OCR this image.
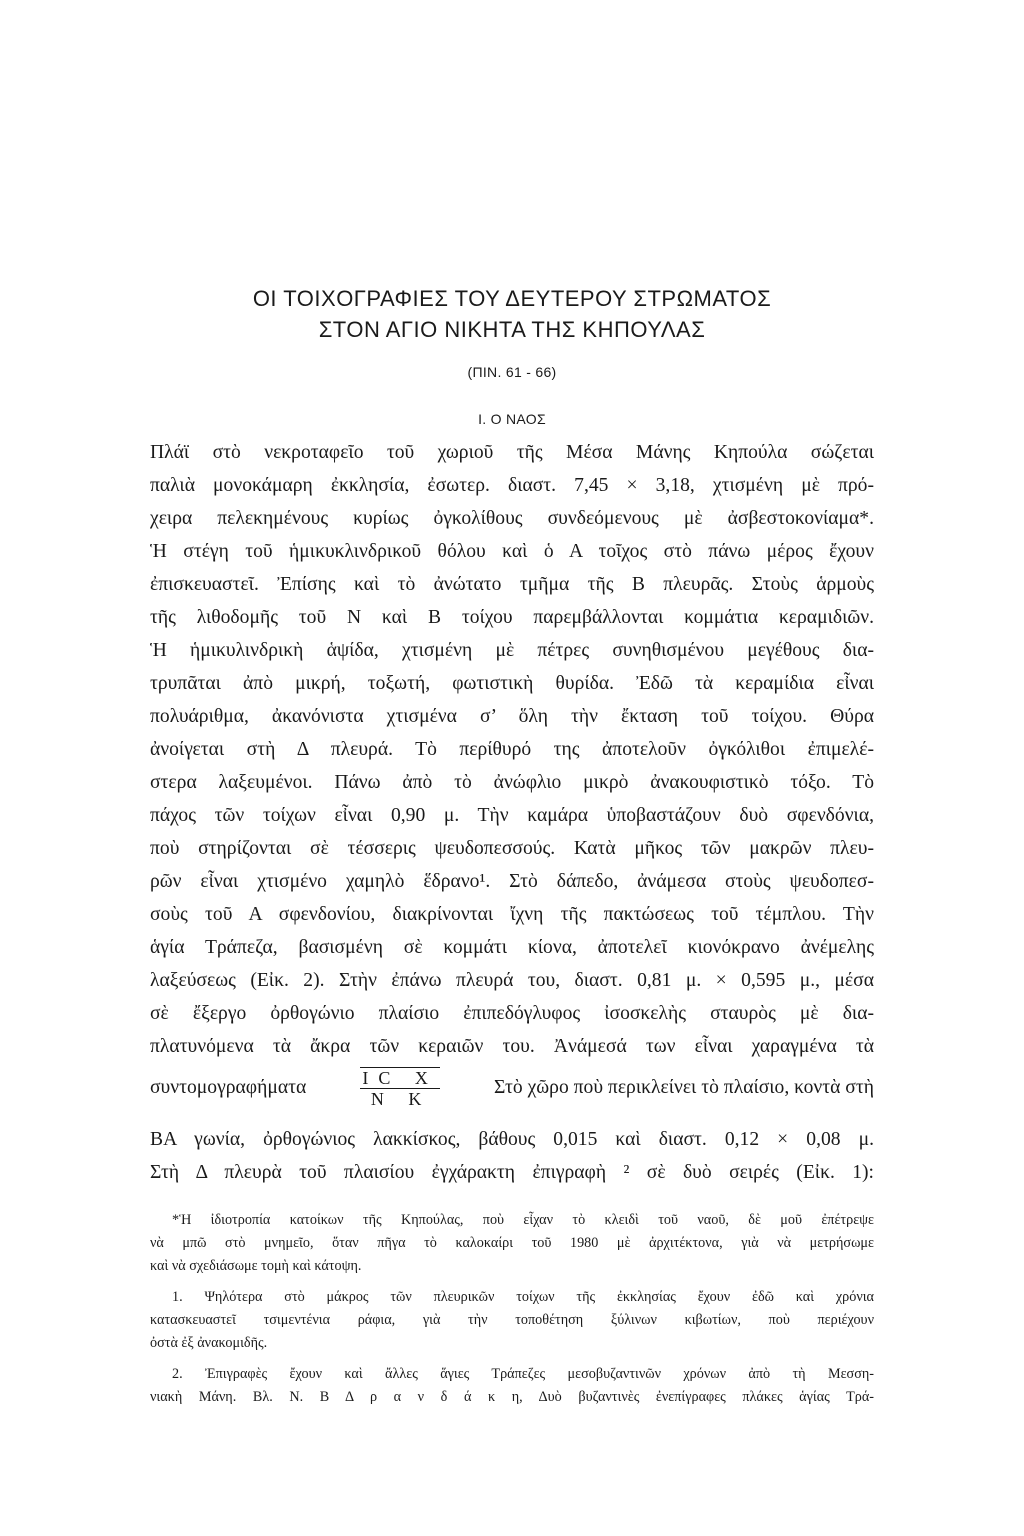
ΟΙ ΤΟΙΧΟΓΡΑΦΙΕΣ ΤΟΥ ΔΕΥΤΕΡΟΥ ΣΤΡΩΜΑΤΟΣ
ΣΤΟΝ ΑΓΙΟ ΝΙΚΗΤΑ ΤΗΣ ΚΗΠΟΥΛΑΣ
(ΠΙΝ. 61 - 66)
Ι. Ο ΝΑΟΣ
Πλάϊ στὸ νεκροταφεῖο τοῦ χωριοῦ τῆς Μέσα Μάνης Κηπούλα σώζεται
παλιὰ μονοκάμαρη ἐκκλησία, ἐσωτερ. διαστ. 7,45 × 3,18, χτισμένη μὲ πρό-
χειρα πελεκημένους κυρίως ὀγκολίθους συνδεόμενους μὲ ἀσβεστοκονίαμα*.
Ἡ στέγη τοῦ ἡμικυκλινδρικοῦ θόλου καὶ ὁ Α τοῖχος στὸ πάνω μέρος ἔχουν
ἐπισκευαστεῖ. Ἐπίσης καὶ τὸ ἀνώτατο τμῆμα τῆς Β πλευρᾶς. Στοὺς ἁρμοὺς
τῆς λιθοδομῆς τοῦ Ν καὶ Β τοίχου παρεμβάλλονται κομμάτια κεραμιδιῶν.
Ἡ ἡμικυλινδρικὴ ἁψίδα, χτισμένη μὲ πέτρες συνηθισμένου μεγέθους δια-
τρυπᾶται ἀπὸ μικρή, τοξωτή, φωτιστικὴ θυρίδα. Ἐδῶ τὰ κεραμίδια εἶναι
πολυάριθμα, ἀκανόνιστα χτισμένα σ’ ὅλη τὴν ἔκταση τοῦ τοίχου. Θύρα
ἀνοίγεται στὴ Δ πλευρά. Τὸ περίθυρό της ἀποτελοῦν ὀγκόλιθοι ἐπιμελέ-
στερα λαξευμένοι. Πάνω ἀπὸ τὸ ἀνώφλιο μικρὸ ἀνακουφιστικὸ τόξο. Τὸ
πάχος τῶν τοίχων εἶναι 0,90 μ. Τὴν καμάρα ὑποβαστάζουν δυὸ σφενδόνια,
ποὺ στηρίζονται σὲ τέσσερις ψευδοπεσσούς. Κατὰ μῆκος τῶν μακρῶν πλευ-
ρῶν εἶναι χτισμένο χαμηλὸ ἕδρανο¹. Στὸ δάπεδο, ἀνάμεσα στοὺς ψευδοπεσ-
σοὺς τοῦ Α σφενδονίου, διακρίνονται ἴχνη τῆς πακτώσεως τοῦ τέμπλου. Τὴν
ἁγία Τράπεζα, βασισμένη σὲ κομμάτι κίονα, ἀποτελεῖ κιονόκρανο ἀνέμελης
λαξεύσεως (Εἰκ. 2). Στὴν ἐπάνω πλευρά του, διαστ. 0,81 μ. × 0,595 μ., μέσα
σὲ ἔξεργο ὀρθογώνιο πλαίσιο ἐπιπεδόγλυφος ἰσοσκελὴς σταυρὸς μὲ δια-
πλατυνόμενα τὰ ἄκρα τῶν κεραιῶν του. Ἀνάμεσά των εἶναι χαραγμένα τὰ
συντομογραφήματα	IC X
N K
Στὸ χῶρο ποὺ περικλείνει τὸ πλαίσιο, κοντὰ στὴ
ΒΑ γωνία, ὀρθογώνιος λακκίσκος, βάθους 0,015 καὶ διαστ. 0,12 × 0,08 μ.
Στὴ Δ πλευρὰ τοῦ πλαισίου ἐγχάρακτη ἐπιγραφὴ ² σὲ δυὸ σειρές (Εἰκ. 1):
*Ἡ ἰδιοτροπία κατοίκων τῆς Κηπούλας, ποὺ εἶχαν τὸ κλειδὶ τοῦ ναοῦ, δὲ μοῦ ἐπέτρεψε
νὰ μπῶ στὸ μνημεῖο, ὅταν πῆγα τὸ καλοκαίρι τοῦ 1980 μὲ ἀρχιτέκτονα, γιὰ νὰ μετρήσωμε
καὶ νὰ σχεδιάσωμε τομὴ καὶ κάτοψη.
1. Ψηλότερα στὸ μάκρος τῶν πλευρικῶν τοίχων τῆς ἐκκλησίας ἔχουν ἐδῶ καὶ χρόνια
κατασκευαστεῖ τσιμεντένια ράφια, γιὰ τὴν τοποθέτηση ξύλινων κιβωτίων, ποὺ περιέχουν
ὀστὰ ἐξ ἀνακομιδῆς.
2. Ἐπιγραφὲς ἔχουν καὶ ἄλλες ἅγιες Τράπεζες μεσοβυζαντινῶν χρόνων ἀπὸ τὴ Μεσση-
νιακὴ Μάνη. Βλ. Ν. Β Δ ρ α ν δ ά κ η, Δυὸ βυζαντινὲς ἐνεπίγραφες πλάκες ἁγίας Τρά-
